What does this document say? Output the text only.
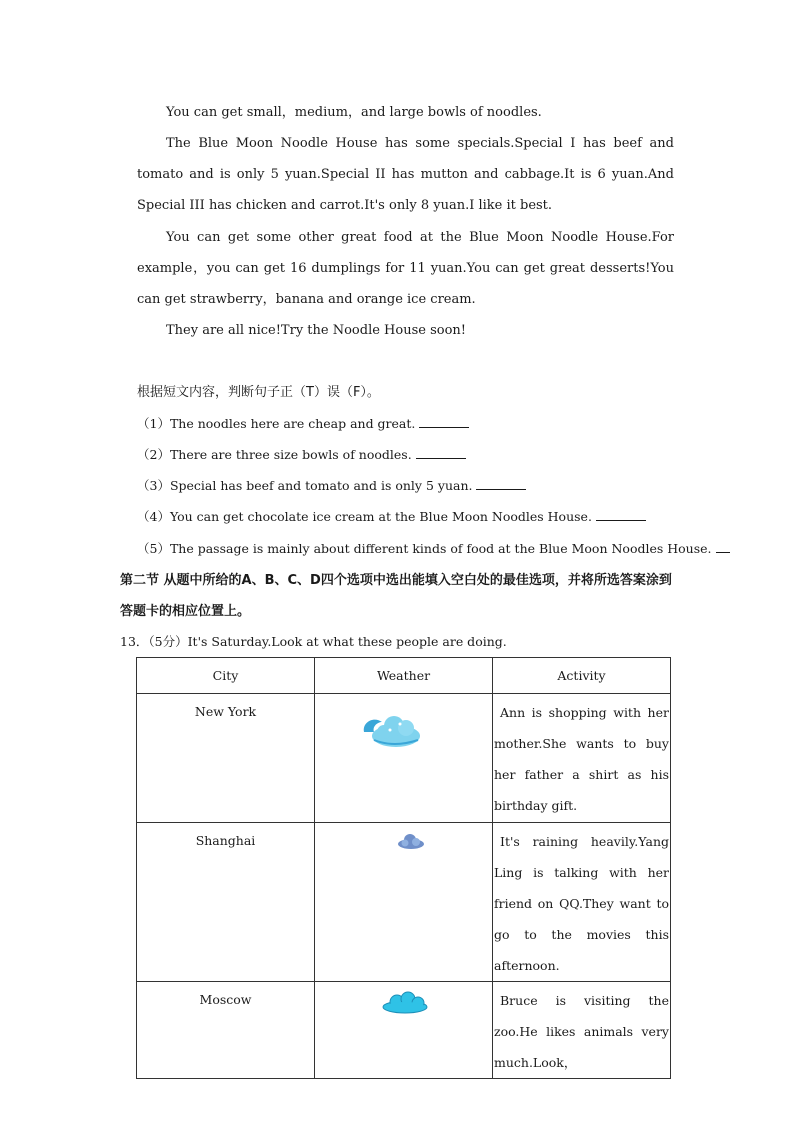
You can get small，medium，and large bowls of noodles.

The Blue Moon Noodle House has some specials.Special I has beef and tomato and is only 5 yuan.Special II has mutton and cabbage.It is 6 yuan.And Special III has chicken and carrot.It's only 8 yuan.I like it best.

You can get some other great food at the Blue Moon Noodle House.For example，you can get 16 dumplings for 11 yuan.You can get great desserts!You can get strawberry，banana and orange ice cream.

They are all nice!Try the Noodle House soon!

根据短文内容，判断句子正（T）误（F）。

（1）The noodles here are cheap and great.

（2）There are three size bowls of noodles.

（3）Special has beef and tomato and is only 5 yuan.

（4）You can get chocolate ice cream at the Blue Moon Noodles House.

（5）The passage is mainly about different kinds of food at the Blue Moon Noodles House.

第二节 从题中所给的A、B、C、D四个选项中选出能填入空白处的最佳选项，并将所选答案涂到答题卡的相应位置上。

13．（5分）It's Saturday.Look at what these people are doing.

City	Weather	Activity
New York		Ann is shopping with her mother.She wants to buy her father a shirt as his birthday gift.
Shanghai		It's raining heavily.Yang Ling is talking with her friend on QQ.They want to go to the movies this afternoon.
Moscow		Bruce is visiting the zoo.He likes animals very much.Look，
